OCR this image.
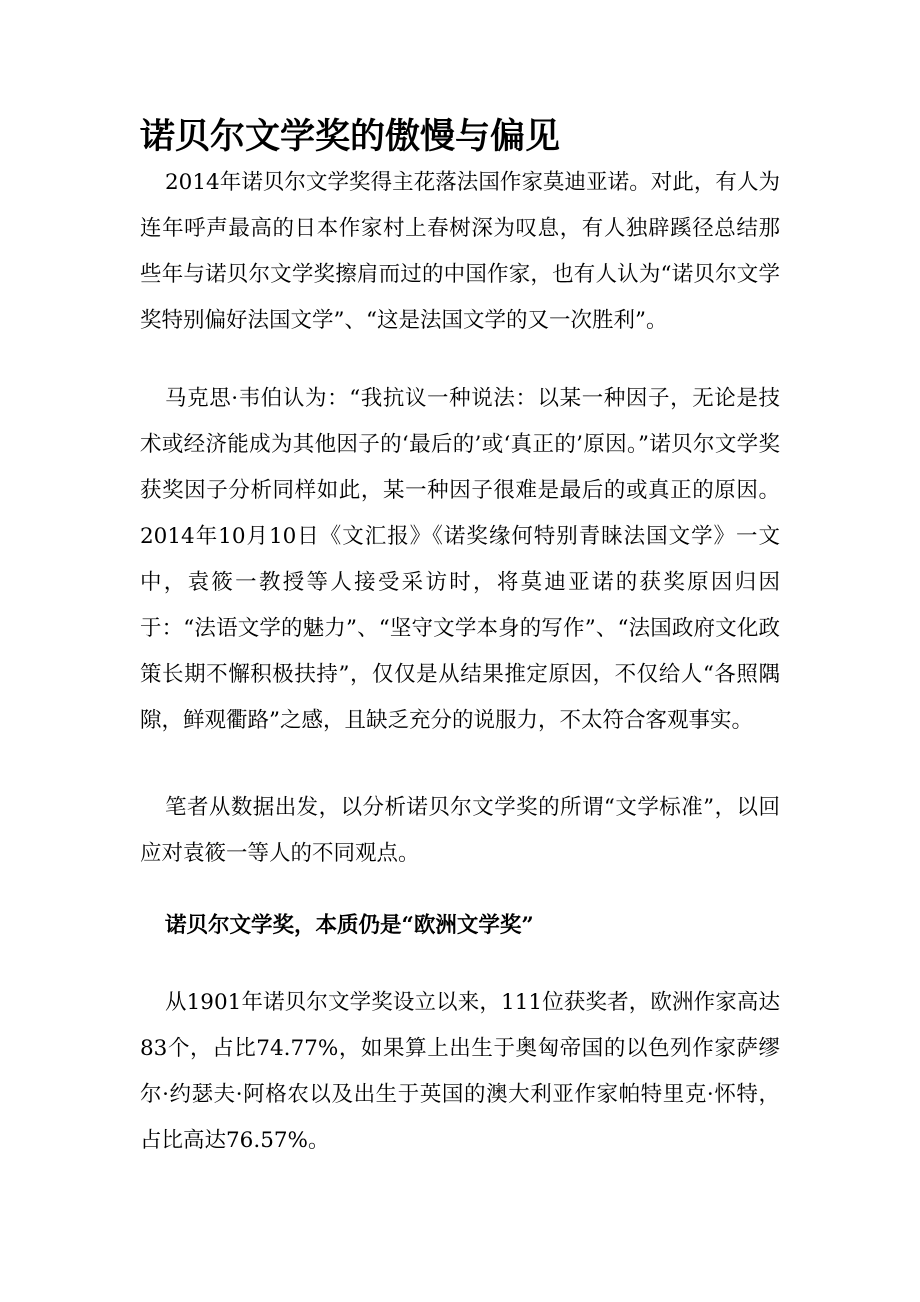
诺贝尔文学奖的傲慢与偏见

2014年诺贝尔文学奖得主花落法国作家莫迪亚诺。对此，有人为连年呼声最高的日本作家村上春树深为叹息，有人独辟蹊径总结那些年与诺贝尔文学奖擦肩而过的中国作家，也有人认为“诺贝尔文学奖特别偏好法国文学”、“这是法国文学的又一次胜利”。

马克思·韦伯认为：“我抗议一种说法：以某一种因子，无论是技术或经济能成为其他因子的‘最后的’或‘真正的’原因。”诺贝尔文学奖获奖因子分析同样如此，某一种因子很难是最后的或真正的原因。2014年10月10日《文汇报》《诺奖缘何特别青睐法国文学》一文中，袁筱一教授等人接受采访时，将莫迪亚诺的获奖原因归因于：“法语文学的魅力”、“坚守文学本身的写作”、“法国政府文化政策长期不懈积极扶持”，仅仅是从结果推定原因，不仅给人“各照隅隙，鲜观衢路”之感，且缺乏充分的说服力，不太符合客观事实。

笔者从数据出发，以分析诺贝尔文学奖的所谓“文学标准”，以回应对袁筱一等人的不同观点。

诺贝尔文学奖，本质仍是“欧洲文学奖”

从1901年诺贝尔文学奖设立以来，111位获奖者，欧洲作家高达83个，占比74.77%，如果算上出生于奥匈帝国的以色列作家萨缪尔·约瑟夫·阿格农以及出生于英国的澳大利亚作家帕特里克·怀特，占比高达76.57%。
